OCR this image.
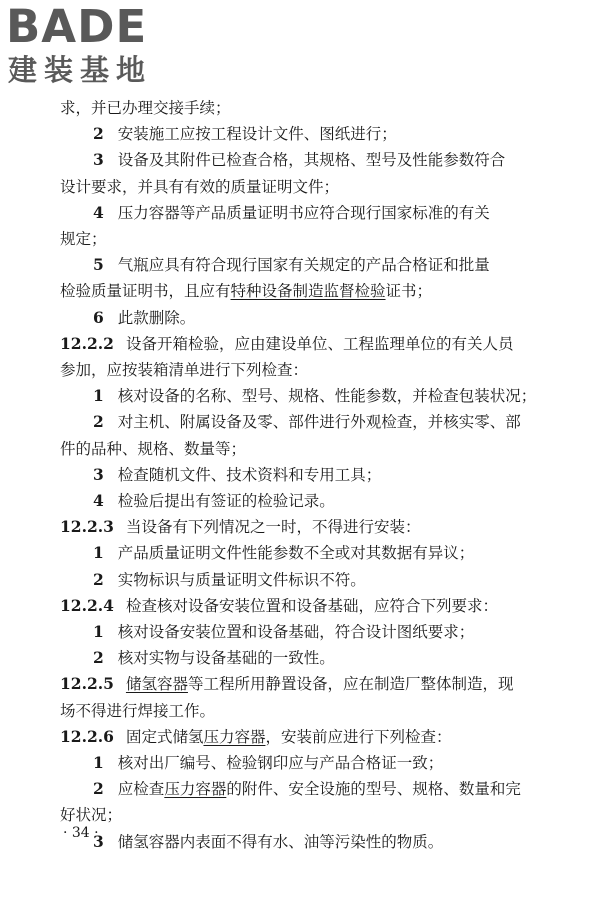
BADE
建装基地
求，并已办理交接手续；
2 安装施工应按工程设计文件、图纸进行；
3 设备及其附件已检查合格，其规格、型号及性能参数符合
设计要求，并具有有效的质量证明文件；
4 压力容器等产品质量证明书应符合现行国家标准的有关
规定；
5 气瓶应具有符合现行国家有关规定的产品合格证和批量
检验质量证明书，且应有特种设备制造监督检验证书；
6 此款删除。
12.2.2 设备开箱检验，应由建设单位、工程监理单位的有关人员
参加，应按装箱清单进行下列检查：
1 核对设备的名称、型号、规格、性能参数，并检查包装状况；
2 对主机、附属设备及零、部件进行外观检查，并核实零、部
件的品种、规格、数量等；
3 检查随机文件、技术资料和专用工具；
4 检验后提出有签证的检验记录。
12.2.3 当设备有下列情况之一时，不得进行安装：
1 产品质量证明文件性能参数不全或对其数据有异议；
2 实物标识与质量证明文件标识不符。
12.2.4 检查核对设备安装位置和设备基础，应符合下列要求：
1 核对设备安装位置和设备基础，符合设计图纸要求；
2 核对实物与设备基础的一致性。
12.2.5 储氢容器等工程所用静置设备，应在制造厂整体制造，现
场不得进行焊接工作。
12.2.6 固定式储氢压力容器，安装前应进行下列检查：
1 核对出厂编号、检验钢印应与产品合格证一致；
2 应检查压力容器的附件、安全设施的型号、规格、数量和完
好状况；
3 储氢容器内表面不得有水、油等污染性的物质。
· 34 ·
